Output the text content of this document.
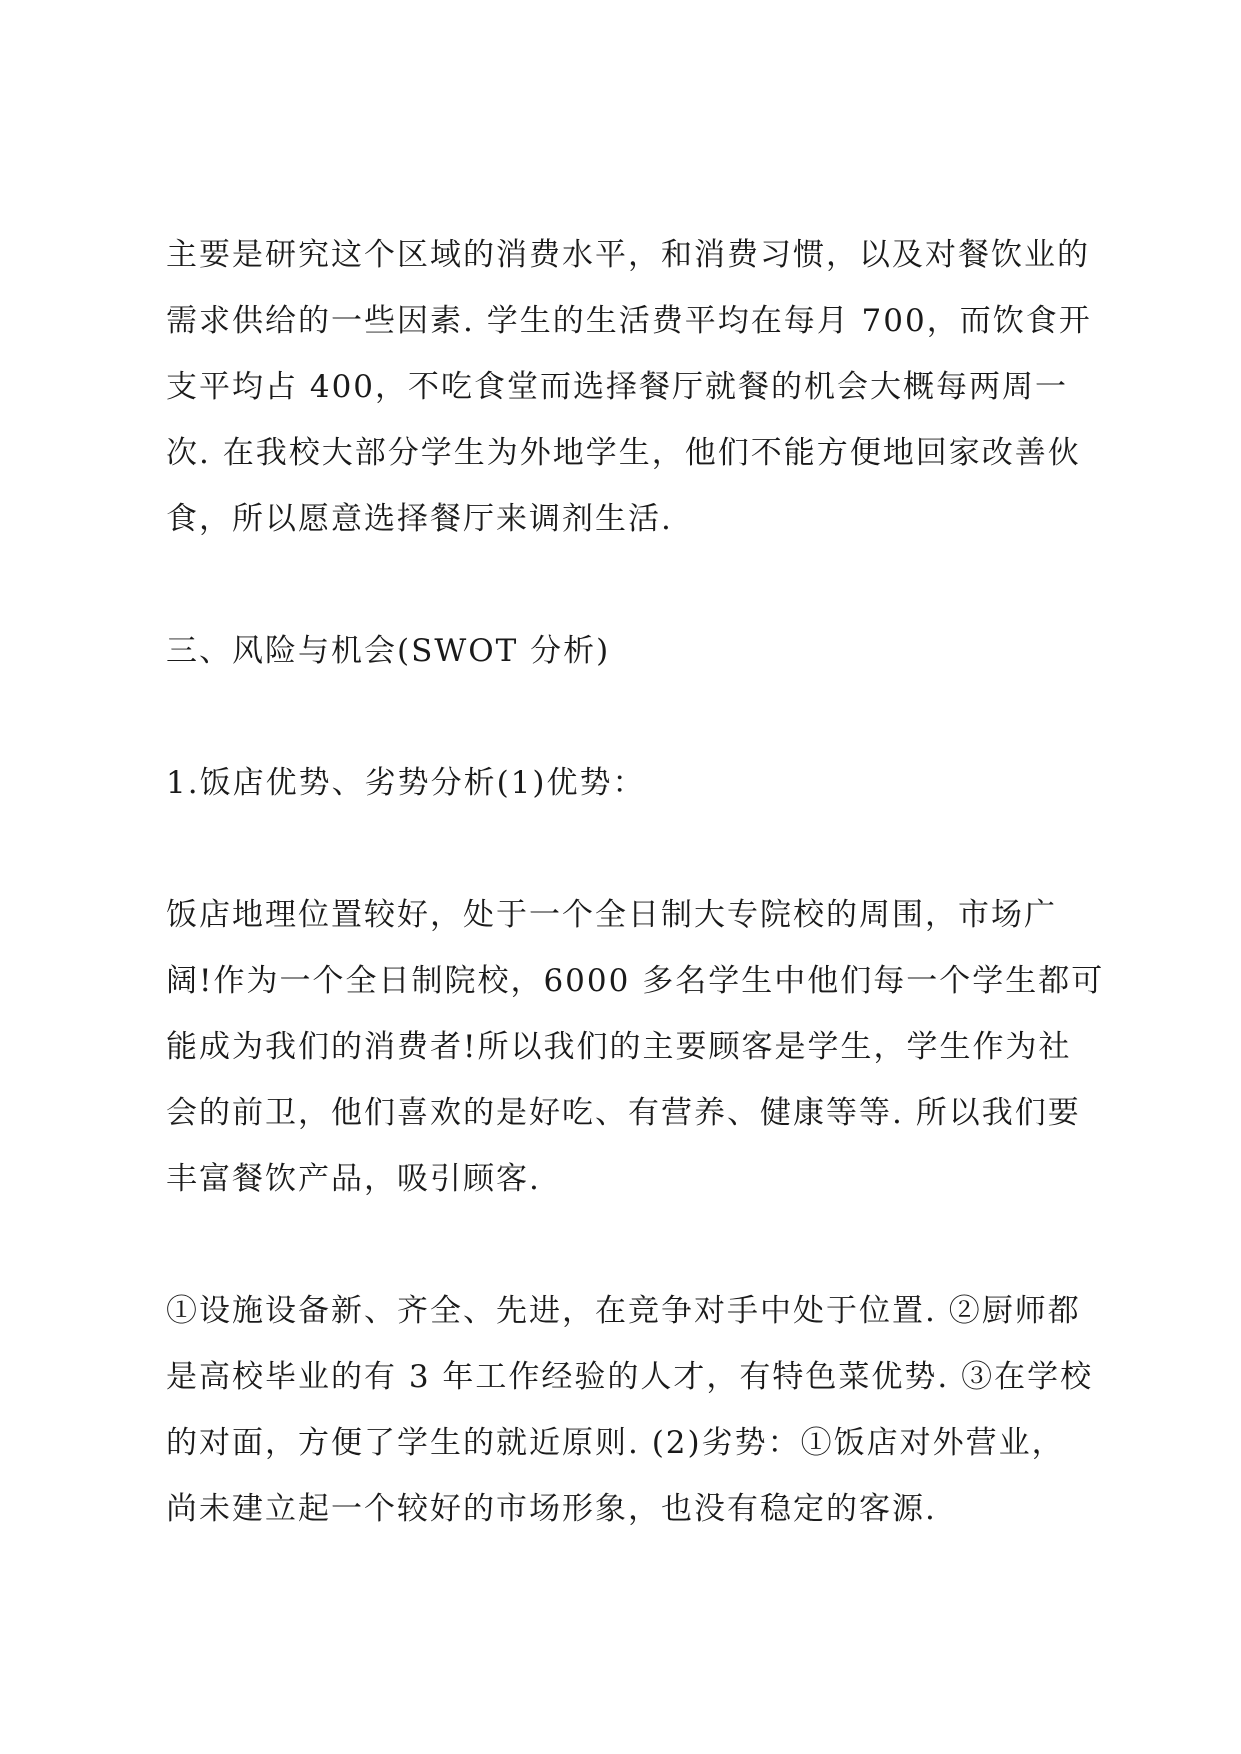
主要是研究这个区域的消费水平，和消费习惯，以及对餐饮业的
需求供给的一些因素. 学生的生活费平均在每月 700，而饮食开
支平均占 400，不吃食堂而选择餐厅就餐的机会大概每两周一
次. 在我校大部分学生为外地学生，他们不能方便地回家改善伙
食，所以愿意选择餐厅来调剂生活.

三、风险与机会(SWOT 分析)

1.饭店优势、劣势分析(1)优势：

饭店地理位置较好，处于一个全日制大专院校的周围，市场广
阔!作为一个全日制院校，6000 多名学生中他们每一个学生都可
能成为我们的消费者!所以我们的主要顾客是学生，学生作为社
会的前卫，他们喜欢的是好吃、有营养、健康等等. 所以我们要
丰富餐饮产品，吸引顾客.

①设施设备新、齐全、先进，在竞争对手中处于位置. ②厨师都
是高校毕业的有 3 年工作经验的人才，有特色菜优势. ③在学校
的对面，方便了学生的就近原则. (2)劣势：①饭店对外营业，
尚未建立起一个较好的市场形象，也没有稳定的客源.
